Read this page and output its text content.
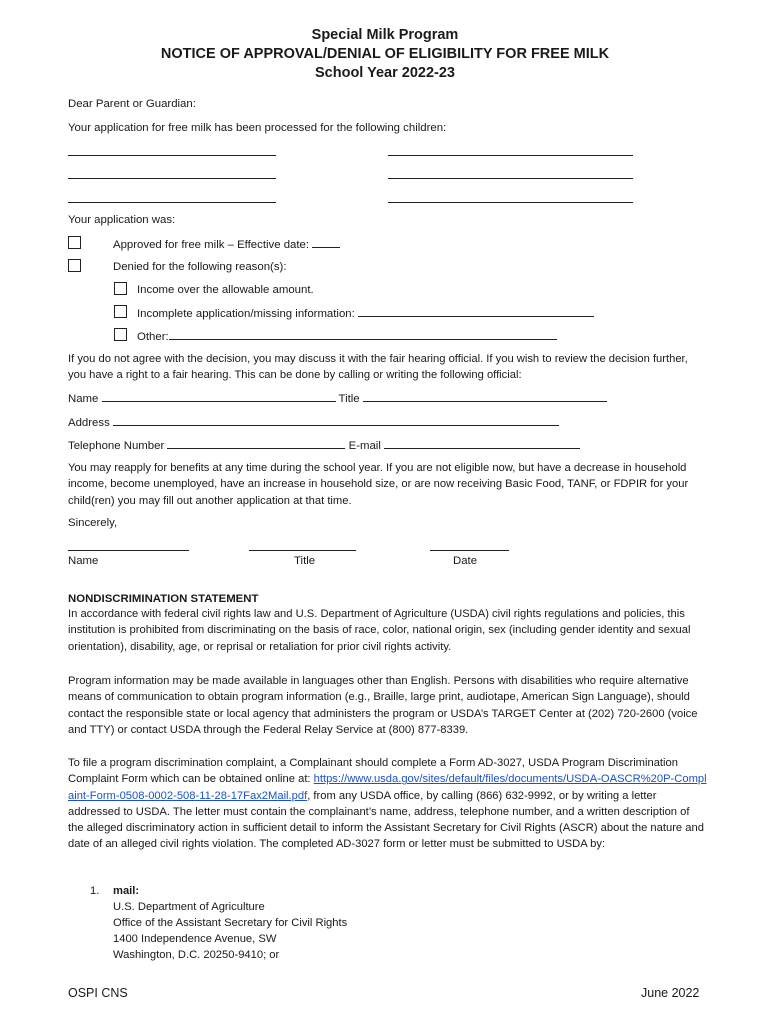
Special Milk Program
NOTICE OF APPROVAL/DENIAL OF ELIGIBILITY FOR FREE MILK
School Year 2022-23
Dear Parent or Guardian:
Your application for free milk has been processed for the following children:
Your application was:
Approved for free milk – Effective date:
Denied for the following reason(s):
Income over the allowable amount.
Incomplete application/missing information:
Other:
If you do not agree with the decision, you may discuss it with the fair hearing official. If you wish to review the decision further, you have a right to a fair hearing. This can be done by calling or writing the following official:
Name	Title
Address
Telephone Number	E-mail
You may reapply for benefits at any time during the school year. If you are not eligible now, but have a decrease in household income, become unemployed, have an increase in household size, or are now receiving Basic Food, TANF, or FDPIR for your child(ren) you may fill out another application at that time.
Sincerely,
Name	Title	Date
NONDISCRIMINATION STATEMENT
In accordance with federal civil rights law and U.S. Department of Agriculture (USDA) civil rights regulations and policies, this institution is prohibited from discriminating on the basis of race, color, national origin, sex (including gender identity and sexual orientation), disability, age, or reprisal or retaliation for prior civil rights activity.
Program information may be made available in languages other than English. Persons with disabilities who require alternative means of communication to obtain program information (e.g., Braille, large print, audiotape, American Sign Language), should contact the responsible state or local agency that administers the program or USDA’s TARGET Center at (202) 720-2600 (voice and TTY) or contact USDA through the Federal Relay Service at (800) 877-8339.
To file a program discrimination complaint, a Complainant should complete a Form AD-3027, USDA Program Discrimination Complaint Form which can be obtained online at: https://www.usda.gov/sites/default/files/documents/USDA-OASCR%20P-Complaint-Form-0508-0002-508-11-28-17Fax2Mail.pdf, from any USDA office, by calling (866) 632-9992, or by writing a letter addressed to USDA. The letter must contain the complainant’s name, address, telephone number, and a written description of the alleged discriminatory action in sufficient detail to inform the Assistant Secretary for Civil Rights (ASCR) about the nature and date of an alleged civil rights violation. The completed AD-3027 form or letter must be submitted to USDA by:
1. mail:
U.S. Department of Agriculture
Office of the Assistant Secretary for Civil Rights
1400 Independence Avenue, SW
Washington, D.C. 20250-9410; or
OSPI CNS	June 2022
